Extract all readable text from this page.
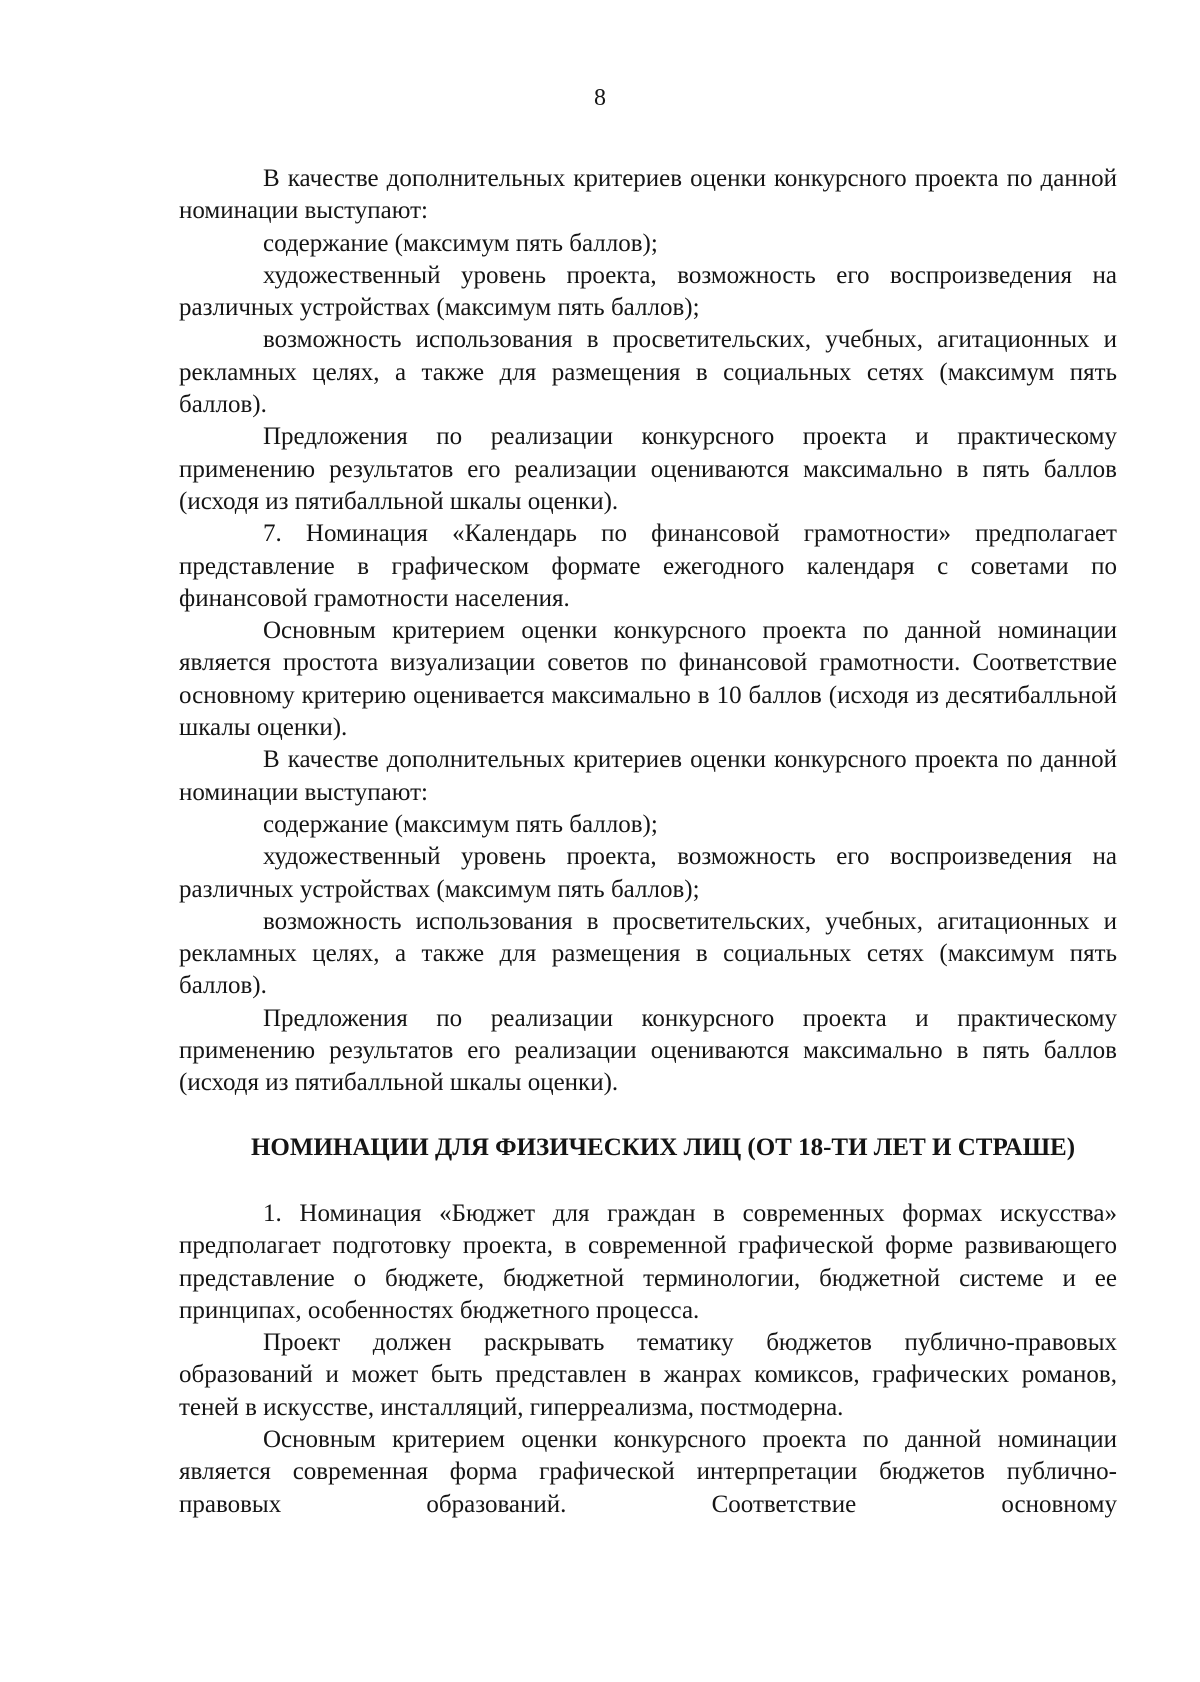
8

В качестве дополнительных критериев оценки конкурсного проекта по данной номинации выступают:

содержание (максимум пять баллов);

художественный уровень проекта, возможность его воспроизведения на различных устройствах (максимум пять баллов);

возможность использования в просветительских, учебных, агитационных и рекламных целях, а также для размещения в социальных сетях (максимум пять баллов).

Предложения по реализации конкурсного проекта и практическому применению результатов его реализации оцениваются максимально в пять баллов (исходя из пятибалльной шкалы оценки).

7. Номинация «Календарь по финансовой грамотности» предполагает представление в графическом формате ежегодного календаря с советами по финансовой грамотности населения.

Основным критерием оценки конкурсного проекта по данной номинации является простота визуализации советов по финансовой грамотности. Соответствие основному критерию оценивается максимально в 10 баллов (исходя из десятибалльной шкалы оценки).

В качестве дополнительных критериев оценки конкурсного проекта по данной номинации выступают:

содержание (максимум пять баллов);

художественный уровень проекта, возможность его воспроизведения на различных устройствах (максимум пять баллов);

возможность использования в просветительских, учебных, агитационных и рекламных целях, а также для размещения в социальных сетях (максимум пять баллов).

Предложения по реализации конкурсного проекта и практическому применению результатов его реализации оцениваются максимально в пять баллов (исходя из пятибалльной шкалы оценки).

НОМИНАЦИИ ДЛЯ ФИЗИЧЕСКИХ ЛИЦ (ОТ 18-ТИ ЛЕТ И СТРАШЕ)

1. Номинация «Бюджет для граждан в современных формах искусства» предполагает подготовку проекта, в современной графической форме развивающего представление о бюджете, бюджетной терминологии, бюджетной системе и ее принципах, особенностях бюджетного процесса.

Проект должен раскрывать тематику бюджетов публично-правовых образований и может быть представлен в жанрах комиксов, графических романов, теней в искусстве, инсталляций, гиперреализма, постмодерна.

Основным критерием оценки конкурсного проекта по данной номинации является современная форма графической интерпретации бюджетов публично-правовых образований. Соответствие основному
